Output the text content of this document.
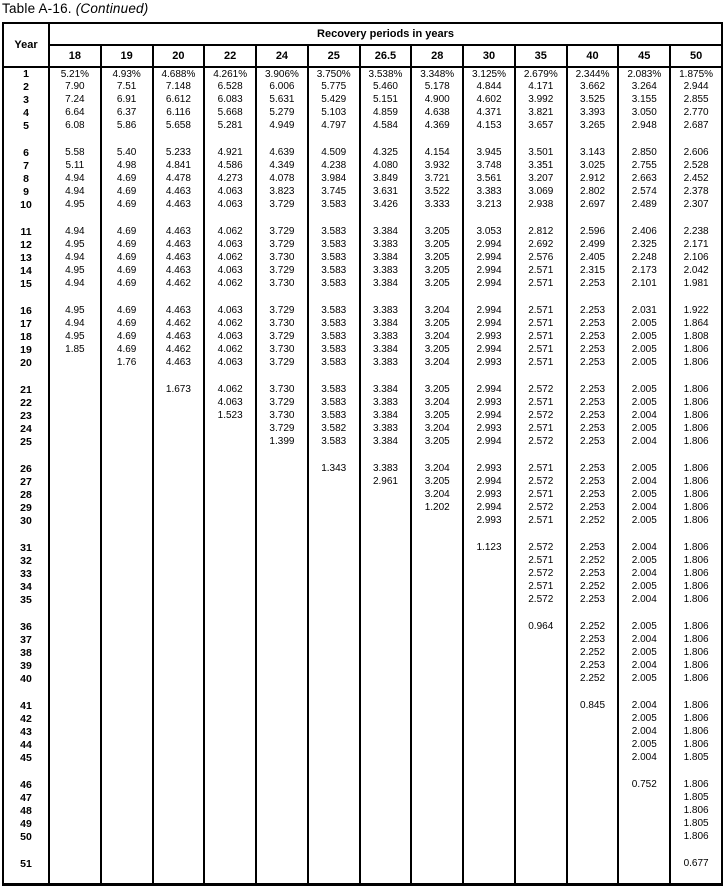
Table A-16. (Continued)
Year	Recovery periods in years												
	18	19	20	22	24	25	26.5	28	30	35	40	45	50
1	5.21%	4.93%	4.688%	4.261%	3.906%	3.750%	3.538%	3.348%	3.125%	2.679%	2.344%	2.083%	1.875%
2	7.90	7.51	7.148	6.528	6.006	5.775	5.460	5.178	4.844	4.171	3.662	3.264	2.944
3	7.24	6.91	6.612	6.083	5.631	5.429	5.151	4.900	4.602	3.992	3.525	3.155	2.855
4	6.64	6.37	6.116	5.668	5.279	5.103	4.859	4.638	4.371	3.821	3.393	3.050	2.770
5	6.08	5.86	5.658	5.281	4.949	4.797	4.584	4.369	4.153	3.657	3.265	2.948	2.687

6	5.58	5.40	5.233	4.921	4.639	4.509	4.325	4.154	3.945	3.501	3.143	2.850	2.606
7	5.11	4.98	4.841	4.586	4.349	4.238	4.080	3.932	3.748	3.351	3.025	2.755	2.528
8	4.94	4.69	4.478	4.273	4.078	3.984	3.849	3.721	3.561	3.207	2.912	2.663	2.452
9	4.94	4.69	4.463	4.063	3.823	3.745	3.631	3.522	3.383	3.069	2.802	2.574	2.378
10	4.95	4.69	4.463	4.063	3.729	3.583	3.426	3.333	3.213	2.938	2.697	2.489	2.307

11	4.94	4.69	4.463	4.062	3.729	3.583	3.384	3.205	3.053	2.812	2.596	2.406	2.238
12	4.95	4.69	4.463	4.063	3.729	3.583	3.383	3.205	2.994	2.692	2.499	2.325	2.171
13	4.94	4.69	4.463	4.062	3.730	3.583	3.384	3.205	2.994	2.576	2.405	2.248	2.106
14	4.95	4.69	4.463	4.063	3.729	3.583	3.383	3.205	2.994	2.571	2.315	2.173	2.042
15	4.94	4.69	4.462	4.062	3.730	3.583	3.384	3.205	2.994	2.571	2.253	2.101	1.981

16	4.95	4.69	4.463	4.063	3.729	3.583	3.383	3.204	2.994	2.571	2.253	2.031	1.922
17	4.94	4.69	4.462	4.062	3.730	3.583	3.384	3.205	2.994	2.571	2.253	2.005	1.864
18	4.95	4.69	4.463	4.063	3.729	3.583	3.383	3.204	2.993	2.571	2.253	2.005	1.808
19	1.85	4.69	4.462	4.062	3.730	3.583	3.384	3.205	2.994	2.571	2.253	2.005	1.806
20		1.76	4.463	4.063	3.729	3.583	3.383	3.204	2.993	2.571	2.253	2.005	1.806

21			1.673	4.062	3.730	3.583	3.384	3.205	2.994	2.572	2.253	2.005	1.806
22				4.063	3.729	3.583	3.383	3.204	2.993	2.571	2.253	2.005	1.806
23				1.523	3.730	3.583	3.384	3.205	2.994	2.572	2.253	2.004	1.806
24					3.729	3.582	3.383	3.204	2.993	2.571	2.253	2.005	1.806
25					1.399	3.583	3.384	3.205	2.994	2.572	2.253	2.004	1.806

26						1.343	3.383	3.204	2.993	2.571	2.253	2.005	1.806
27							2.961	3.205	2.994	2.572	2.253	2.004	1.806
28								3.204	2.993	2.571	2.253	2.005	1.806
29								1.202	2.994	2.572	2.253	2.004	1.806
30									2.993	2.571	2.252	2.005	1.806

31									1.123	2.572	2.253	2.004	1.806
32										2.571	2.252	2.005	1.806
33										2.572	2.253	2.004	1.806
34										2.571	2.252	2.005	1.806
35										2.572	2.253	2.004	1.806

36										0.964	2.252	2.005	1.806
37											2.253	2.004	1.806
38											2.252	2.005	1.806
39											2.253	2.004	1.806
40											2.252	2.005	1.806

41											0.845	2.004	1.806
42												2.005	1.806
43												2.004	1.806
44												2.005	1.806
45												2.004	1.805

46												0.752	1.806
47													1.805
48													1.806
49													1.805
50													1.806

51													0.677
